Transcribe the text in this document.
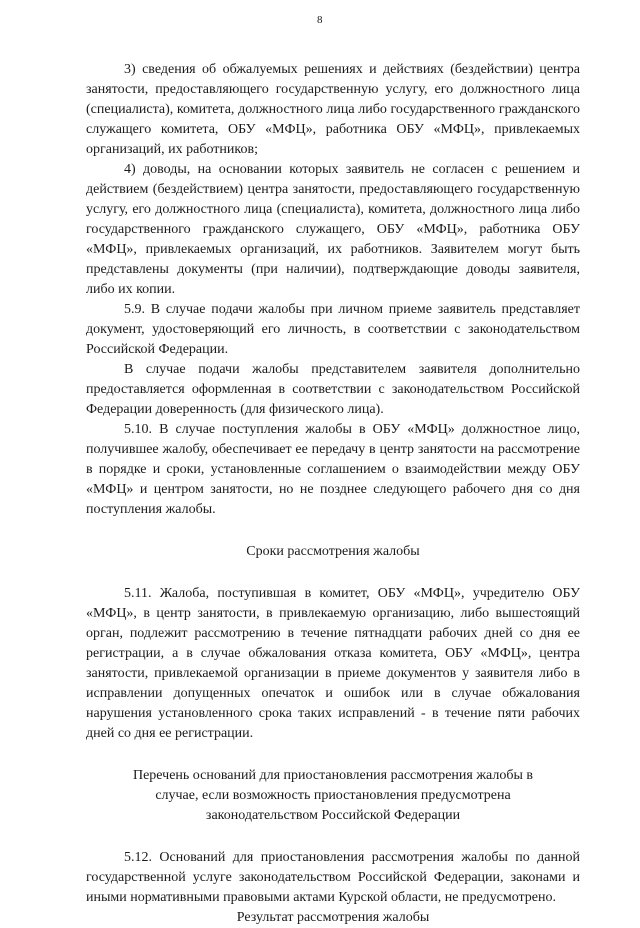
8

3) сведения об обжалуемых решениях и действиях (бездействии) центра занятости, предоставляющего государственную услугу, его должностного лица (специалиста), комитета, должностного лица либо государственного гражданского служащего комитета, ОБУ «МФЦ», работника ОБУ «МФЦ», привлекаемых организаций, их работников;

4) доводы, на основании которых заявитель не согласен с решением и действием (бездействием) центра занятости, предоставляющего государственную услугу, его должностного лица (специалиста), комитета, должностного лица либо государственного гражданского служащего, ОБУ «МФЦ», работника ОБУ «МФЦ», привлекаемых организаций, их работников. Заявителем могут быть представлены документы (при наличии), подтверждающие доводы заявителя, либо их копии.

5.9. В случае подачи жалобы при личном приеме заявитель представляет документ, удостоверяющий его личность, в соответствии с законодательством Российской Федерации.

В случае подачи жалобы представителем заявителя дополнительно предоставляется оформленная в соответствии с законодательством Российской Федерации доверенность (для физического лица).

5.10. В случае поступления жалобы в ОБУ «МФЦ» должностное лицо, получившее жалобу, обеспечивает ее передачу в центр занятости на рассмотрение в порядке и сроки, установленные соглашением о взаимодействии между ОБУ «МФЦ» и центром занятости, но не позднее следующего рабочего дня со дня поступления жалобы.

Сроки рассмотрения жалобы

5.11. Жалоба, поступившая в комитет, ОБУ «МФЦ», учредителю ОБУ «МФЦ», в центр занятости, в привлекаемую организацию, либо вышестоящий орган, подлежит рассмотрению в течение пятнадцати рабочих дней со дня ее регистрации, а в случае обжалования отказа комитета, ОБУ «МФЦ», центра занятости, привлекаемой организации в приеме документов у заявителя либо в исправлении допущенных опечаток и ошибок или в случае обжалования нарушения установленного срока таких исправлений - в течение пяти рабочих дней со дня ее регистрации.

Перечень оснований для приостановления рассмотрения жалобы в

случае, если возможность приостановления предусмотрена

законодательством Российской Федерации

5.12. Оснований для приостановления рассмотрения жалобы по данной государственной услуге законодательством Российской Федерации, законами и иными нормативными правовыми актами Курской области, не предусмотрено.

Результат рассмотрения жалобы
